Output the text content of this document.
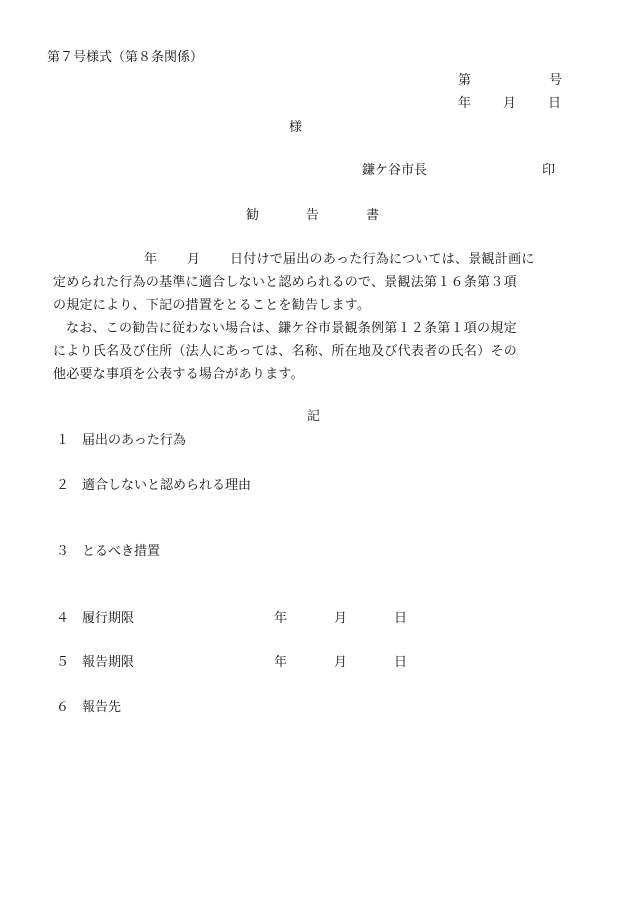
第７号様式（第８条関係）
第	号
年 月 日
様
鎌ケ谷市長	印
勧	告	書
年 月 日付けで届出のあった行為については、景観計画に
定められた行為の基準に適合しないと認められるので、景観法第１６条第３項
の規定により、下記の措置をとることを勧告します。
なお、この勧告に従わない場合は、鎌ケ谷市景観条例第１２条第１項の規定
により氏名及び住所（法人にあっては、名称、所在地及び代表者の氏名）その
他必要な事項を公表する場合があります。
記
１ 届出のあった行為
２ 適合しないと認められる理由
３ とるべき措置
４ 履行期限	年	月	日
５ 報告期限	年	月	日
６ 報告先
